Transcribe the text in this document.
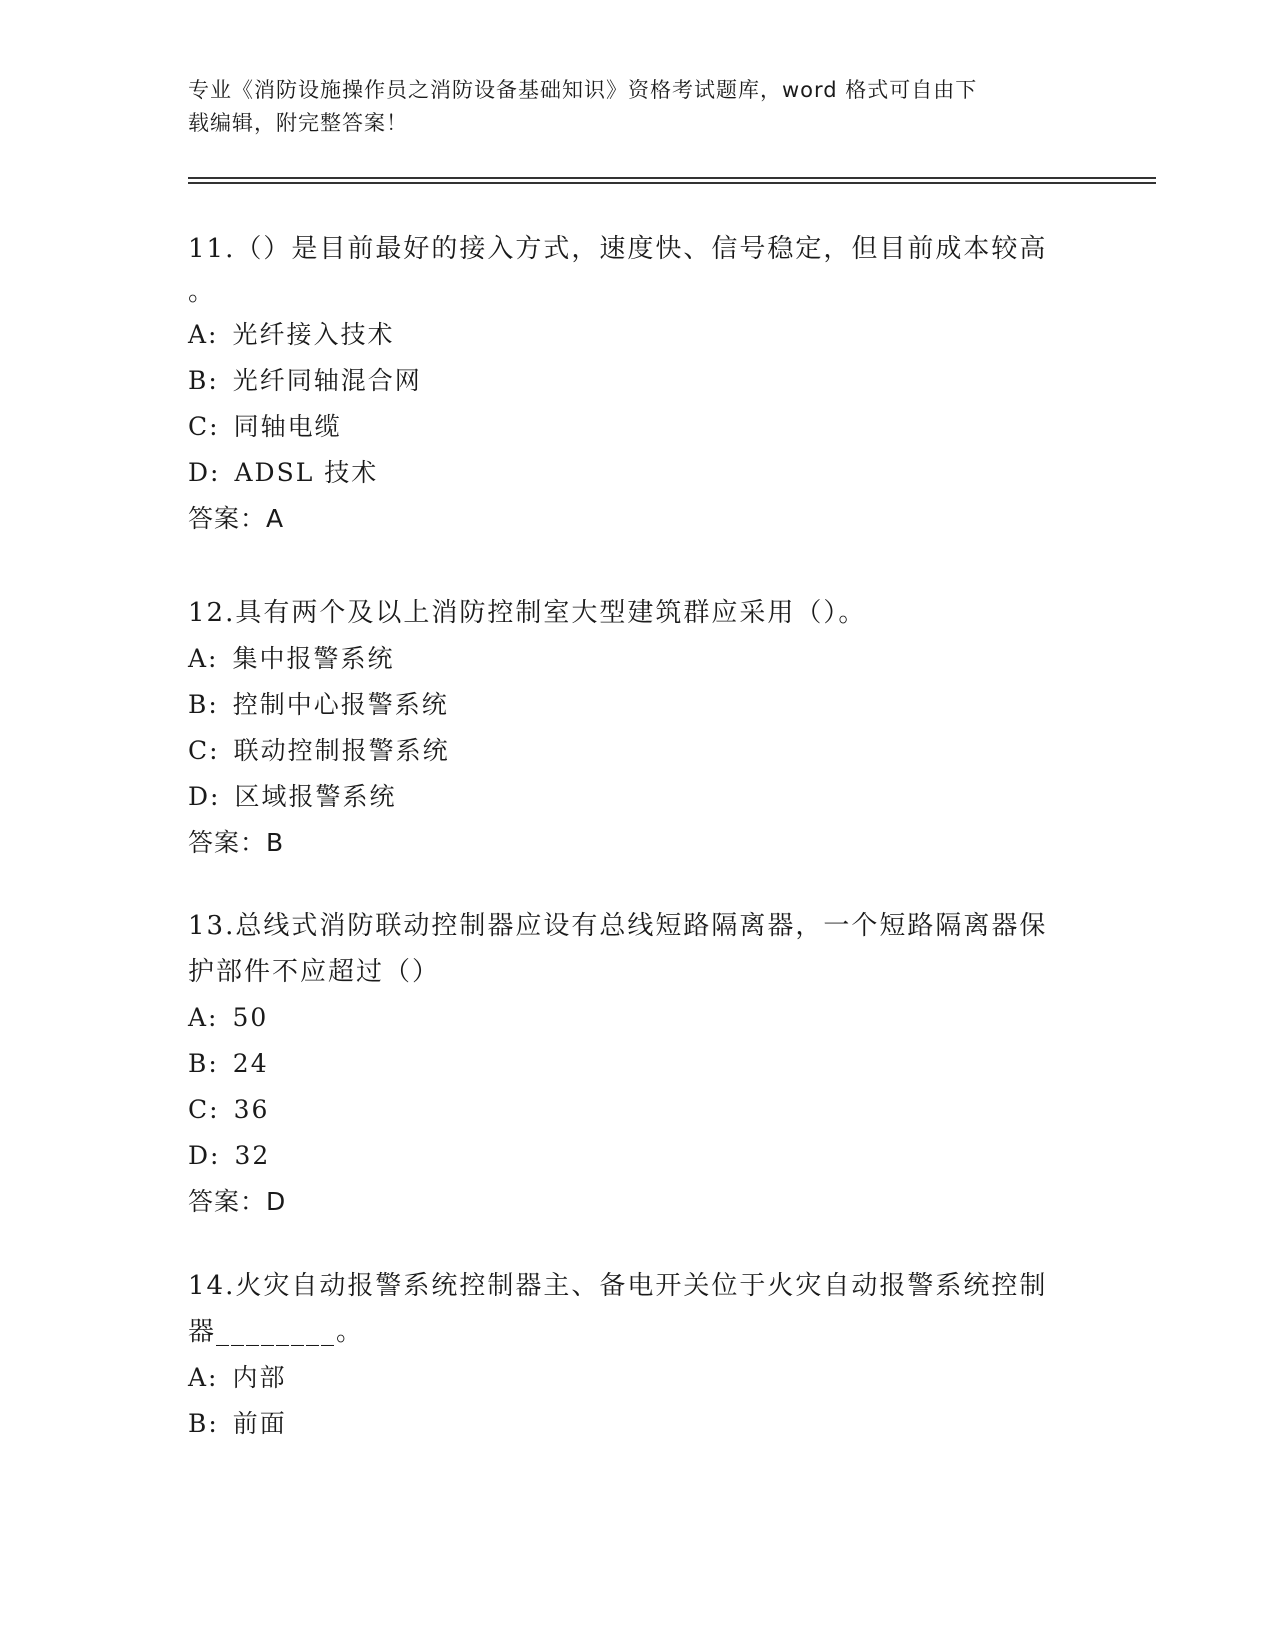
专业《消防设施操作员之消防设备基础知识》资格考试题库，word 格式可自由下
载编辑，附完整答案！

11.（）是目前最好的接入方式，速度快、信号稳定，但目前成本较高

。

A: 光纤接入技术

B: 光纤同轴混合网

C: 同轴电缆

D: ADSL 技术

答案：A

12.具有两个及以上消防控制室大型建筑群应采用（）。

A: 集中报警系统

B: 控制中心报警系统

C: 联动控制报警系统

D: 区域报警系统

答案：B

13.总线式消防联动控制器应设有总线短路隔离器，一个短路隔离器保

护部件不应超过（）

A: 50

B: 24

C: 36

D: 32

答案：D

14.火灾自动报警系统控制器主、备电开关位于火灾自动报警系统控制

器________。

A: 内部

B: 前面
